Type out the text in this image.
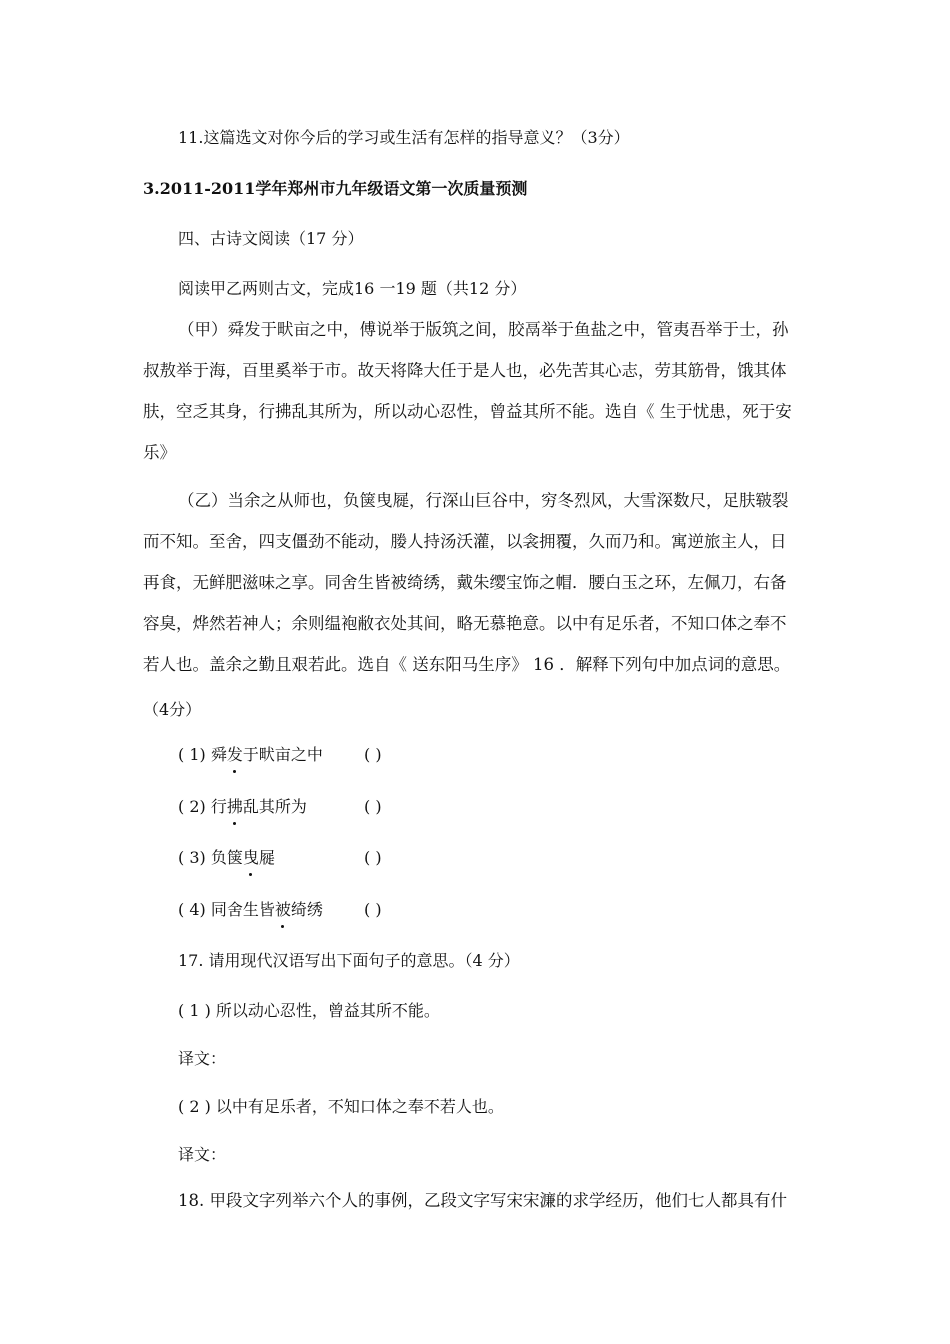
11.这篇选文对你今后的学习或生活有怎样的指导意义？（3分）
3.2011-2011学年郑州市九年级语文第一次质量预测
四、古诗文阅读（17 分）
阅读甲乙两则古文，完成16 一19 题（共12 分）
（甲）舜发于畎亩之中，傅说举于版筑之间，胶鬲举于鱼盐之中，管夷吾举于士，孙
叔敖举于海，百里奚举于市。故天将降大任于是人也，必先苦其心志，劳其筋骨，饿其体
肤，空乏其身，行拂乱其所为，所以动心忍性，曾益其所不能。选自《 生于忧患，死于安
乐》
（乙）当余之从师也，负箧曳屣，行深山巨谷中，穷冬烈风，大雪深数尺，足肤皲裂
而不知。至舍，四支僵劲不能动，媵人持汤沃灌，以衾拥覆，久而乃和。寓逆旅主人，日
再食，无鲜肥滋味之享。同舍生皆被绮绣，戴朱缨宝饰之帽．腰白玉之环，左佩刀，右备
容臭，烨然若神人；余则缊袍敝衣处其间，略无慕艳意。以中有足乐者，不知口体之奉不
若人也。盖余之勤且艰若此。选自《 送东阳马生序》 16 ．解释下列句中加点词的意思。
（4分）
( 1) 舜发于畎亩之中	( )
( 2) 行拂乱其所为	( )
( 3) 负箧曳屣	( )
( 4) 同舍生皆被绮绣	( )
17. 请用现代汉语写出下面句子的意思。（4 分）
( 1 ) 所以动心忍性，曾益其所不能。
译文：
( 2 ) 以中有足乐者，不知口体之奉不若人也。
译文：
18. 甲段文字列举六个人的事例，乙段文字写宋宋濂的求学经历，他们七人都具有什
